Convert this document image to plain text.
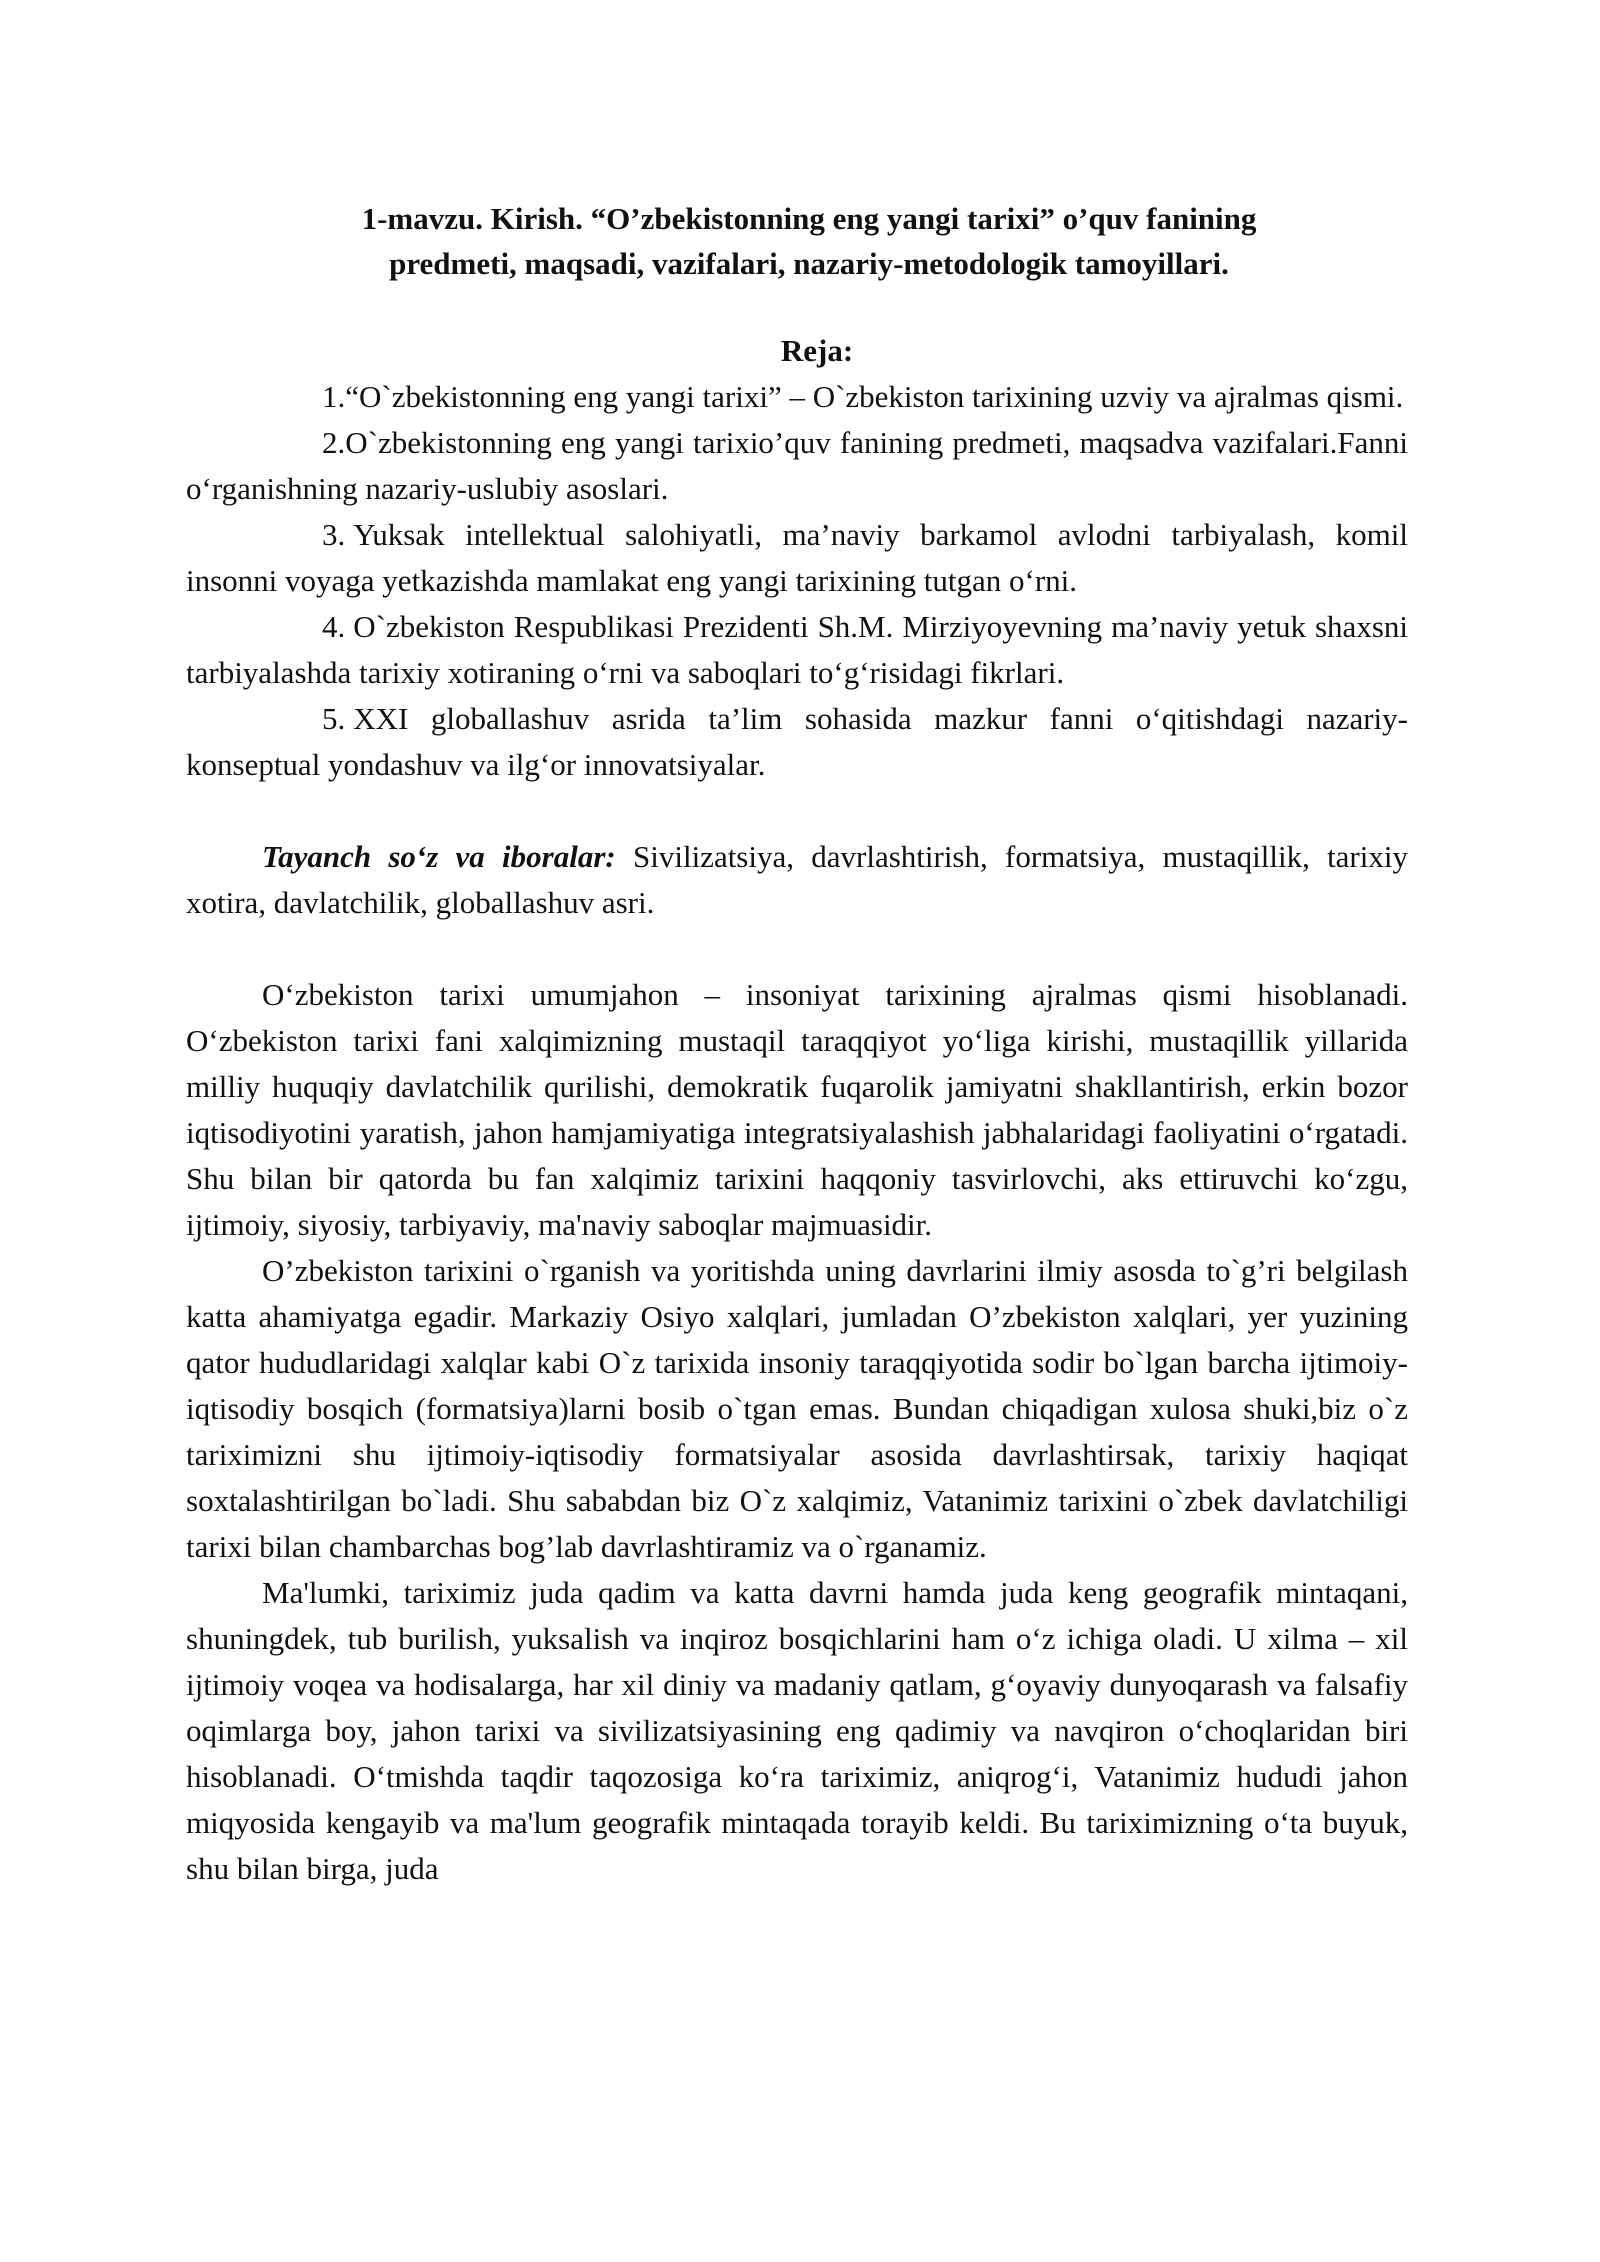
1-mavzu. Kirish. “O’zbekistonning eng yangi tarixi” o’quv fanining
predmeti, maqsadi, vazifalari, nazariy-metodologik tamoyillari.
Reja:

1.“O`zbekistonning eng yangi tarixi” – O`zbekiston tarixining uzviy va ajralmas qismi.

2.O`zbekistonning eng yangi tarixio’quv fanining predmeti, maqsadva vazifalari.Fanni o‘rganishning nazariy-uslubiy asoslari.

3. Yuksak intellektual salohiyatli, ma’naviy barkamol avlodni tarbiyalash, komil insonni voyaga yetkazishda mamlakat eng yangi tarixining tutgan o‘rni.

4. O`zbekiston Respublikasi Prezidenti Sh.M. Mirziyoyevning ma’naviy yetuk shaxsni tarbiyalashda tarixiy xotiraning o‘rni va saboqlari to‘g‘risidagi fikrlari.

5. XXI globallashuv asrida ta’lim sohasida mazkur fanni o‘qitishdagi nazariy-konseptual yondashuv va ilg‘or innovatsiyalar.

Tayanch so‘z va iboralar: Sivilizatsiya, davrlashtirish, formatsiya, mustaqillik, tarixiy xotira, davlatchilik, globallashuv asri.

O‘zbekiston tarixi umumjahon – insoniyat tarixining ajralmas qismi hisoblanadi. O‘zbekiston tarixi fani xalqimizning mustaqil taraqqiyot yo‘liga kirishi, mustaqillik yillarida milliy huquqiy davlatchilik qurilishi, demokratik fuqarolik jamiyatni shakllantirish, erkin bozor iqtisodiyotini yaratish, jahon hamjamiyatiga integratsiyalashish jabhalaridagi faoliyatini o‘rgatadi. Shu bilan bir qatorda bu fan xalqimiz tarixini haqqoniy tasvirlovchi, aks ettiruvchi ko‘zgu, ijtimoiy, siyosiy, tarbiyaviy, ma'naviy saboqlar majmuasidir.

O’zbekiston tarixini o`rganish va yoritishda uning davrlarini ilmiy asosda to`g’ri belgilash katta ahamiyatga egadir. Markaziy Osiyo xalqlari, jumladan O’zbekiston xalqlari, yer yuzining qator hududlaridagi xalqlar kabi O`z tarixida insoniy taraqqiyotida sodir bo`lgan barcha ijtimoiy-iqtisodiy bosqich (formatsiya)larni bosib o`tgan emas. Bundan chiqadigan xulosa shuki,biz o`z tariximizni shu ijtimoiy-iqtisodiy formatsiyalar asosida davrlashtirsak, tarixiy haqiqat soxtalashtirilgan bo`ladi. Shu sababdan biz O`z xalqimiz, Vatanimiz tarixini o`zbek davlatchiligi tarixi bilan chambarchas bog’lab davrlashtiramiz va o`rganamiz.

Ma'lumki, tariximiz juda qadim va katta davrni hamda juda keng geografik mintaqani, shuningdek, tub burilish, yuksalish va inqiroz bosqichlarini ham o‘z ichiga oladi. U xilma – xil ijtimoiy voqea va hodisalarga, har xil diniy va madaniy qatlam, g‘oyaviy dunyoqarash va falsafiy oqimlarga boy, jahon tarixi va sivilizatsiyasining eng qadimiy va navqiron o‘choqlaridan biri hisoblanadi. O‘tmishda taqdir taqozosiga ko‘ra tariximiz, aniqrog‘i, Vatanimiz hududi jahon miqyosida kengayib va ma'lum geografik mintaqada torayib keldi. Bu tariximizning o‘ta buyuk, shu bilan birga, juda
